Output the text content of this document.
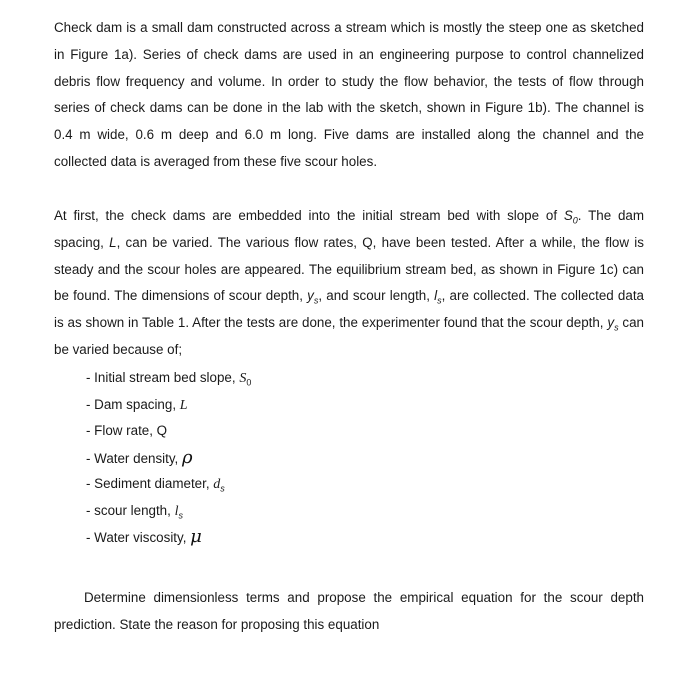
Check dam is a small dam constructed across a stream which is mostly the steep one as sketched in Figure 1a). Series of check dams are used in an engineering purpose to control channelized debris flow frequency and volume. In order to study the flow behavior, the tests of flow through series of check dams can be done in the lab with the sketch, shown in Figure 1b). The channel is 0.4 m wide, 0.6 m deep and 6.0 m long. Five dams are installed along the channel and the collected data is averaged from these five scour holes.

At first, the check dams are embedded into the initial stream bed with slope of $S_0$. The dam spacing, L, can be varied. The various flow rates, Q, have been tested. After a while, the flow is steady and the scour holes are appeared. The equilibrium stream bed, as shown in Figure 1c) can be found. The dimensions of scour depth, $y_s$, and scour length, $l_s$, are collected. The collected data is as shown in Table 1. After the tests are done, the experimenter found that the scour depth, $y_s$ can be varied because of;

- Initial stream bed slope, $S_0$
- Dam spacing, L
- Flow rate, Q
- Water density, ρ
- Sediment diameter, $d_s$
- scour length, $l_s$
- Water viscosity, μ

Determine dimensionless terms and propose the empirical equation for the scour depth prediction. State the reason for proposing this equation
